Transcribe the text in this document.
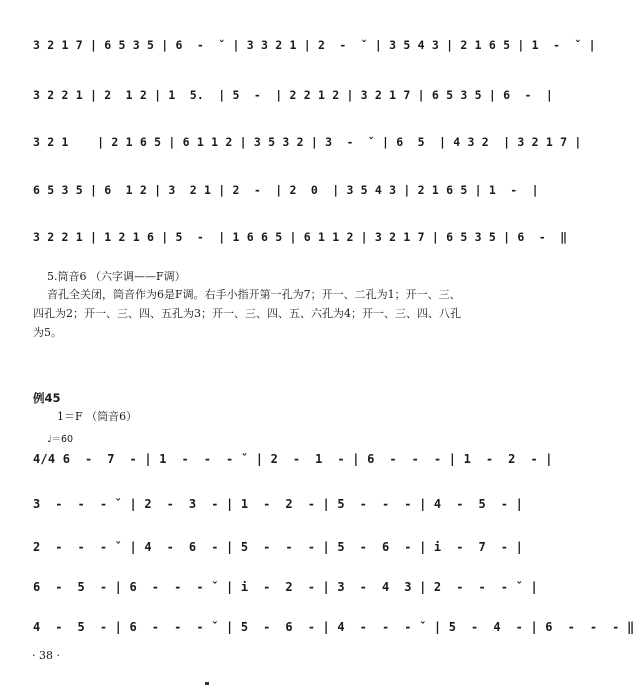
3 2 1 7 | 6 5 3 5 | 6  -  ˇ | 3 3 2 1 | 2  -  ˇ | 3 5 4 3 | 2 1 6 5 | 1  -  ˇ |
3 2 2 1 | 2  1 2 | 1  5.  | 5  -  | 2 2 1 2 | 3 2 1 7 | 6 5 3 5 | 6  -  |
3 2 1    | 2 1 6 5 | 6 1 1 2 | 3 5 3 2 | 3  -  ˇ | 6  5  | 4 3 2  | 3 2 1 7 |
6 5 3 5 | 6  1 2 | 3  2 1 | 2  -  | 2  0  | 3 5 4 3 | 2 1 6 5 | 1  -  |
3 2 2 1 | 1 2 1 6 | 5  -  | 1 6 6 5 | 6 1 1 2 | 3 2 1 7 | 6 5 3 5 | 6  -  ‖
5.筒音6 （六字调——F调）
音孔全关闭，筒音作为6是F调。右手小指开第一孔为7；开一、二孔为1；开一、三、
四孔为2；开一、三、四、五孔为3；开一、三、四、五、六孔为4；开一、三、四、八孔
为5。
例45
1＝F （筒音6）
♩＝60
4/4 6  -  7  - | 1  -  -  - ˇ | 2  -  1  - | 6  -  -  - | 1  -  2  - |
3  -  -  - ˇ | 2  -  3  - | 1  -  2  - | 5  -  -  - | 4  -  5  - |
2  -  -  - ˇ | 4  -  6  - | 5  -  -  - | 5  -  6  - | i  -  7  - |
6  -  5  - | 6  -  -  - ˇ | i  -  2  - | 3  -  4  3 | 2  -  -  - ˇ |
4  -  5  - | 6  -  -  - ˇ | 5  -  6  - | 4  -  -  - ˇ | 5  -  4  - | 6  -  -  - ‖
· 38 ·
